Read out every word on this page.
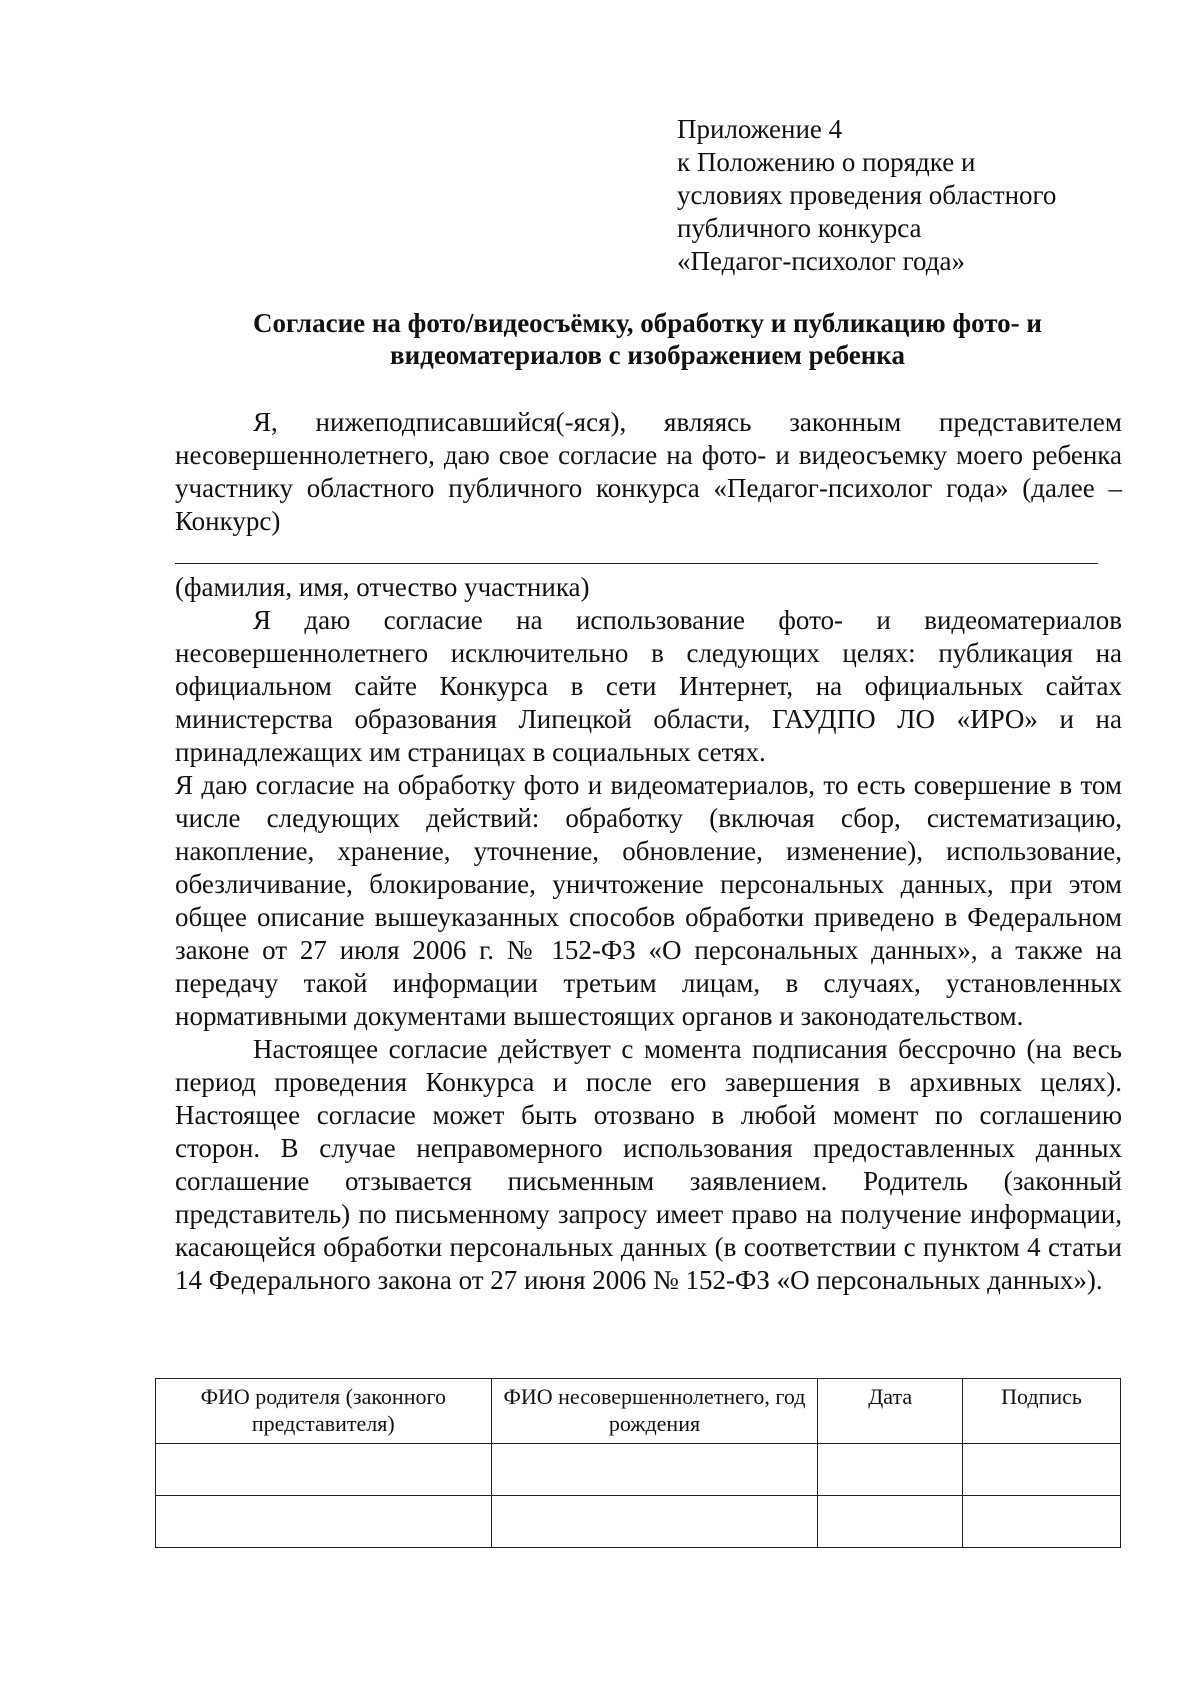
Приложение 4
к Положению о порядке и
условиях проведения областного
публичного конкурса
«Педагог-психолог года»
Согласие на фото/видеосъёмку, обработку и публикацию фото- и
видеоматериалов с изображением ребенка
Я, нижеподписавшийся(-яся), являясь законным представителем несовершеннолетнего, даю свое согласие на фото- и видеосъемку моего ребенка участнику областного публичного конкурса «Педагог-психолог года» (далее – Конкурс)
(фамилия, имя, отчество участника)
Я даю согласие на использование фото- и видеоматериалов несовершеннолетнего исключительно в следующих целях: публикация на официальном сайте Конкурса в сети Интернет, на официальных сайтах министерства образования Липецкой области, ГАУДПО ЛО «ИРО» и на принадлежащих им страницах в социальных сетях.
Я даю согласие на обработку фото и видеоматериалов, то есть совершение в том числе следующих действий: обработку (включая сбор, систематизацию, накопление, хранение, уточнение, обновление, изменение), использование, обезличивание, блокирование, уничтожение персональных данных, при этом общее описание вышеуказанных способов обработки приведено в Федеральном законе от 27 июля 2006 г. № 152-ФЗ «О персональных данных», а также на передачу такой информации третьим лицам, в случаях, установленных нормативными документами вышестоящих органов и законодательством.
Настоящее согласие действует с момента подписания бессрочно (на весь период проведения Конкурса и после его завершения в архивных целях). Настоящее согласие может быть отозвано в любой момент по соглашению сторон. В случае неправомерного использования предоставленных данных соглашение отзывается письменным заявлением. Родитель (законный представитель) по письменному запросу имеет право на получение информации, касающейся обработки персональных данных (в соответствии с пунктом 4 статьи 14 Федерального закона от 27 июня 2006 № 152-ФЗ «О персональных данных»).
ФИО родителя (законного представителя)	ФИО несовершеннолетнего, год рождения	Дата	Подпись
